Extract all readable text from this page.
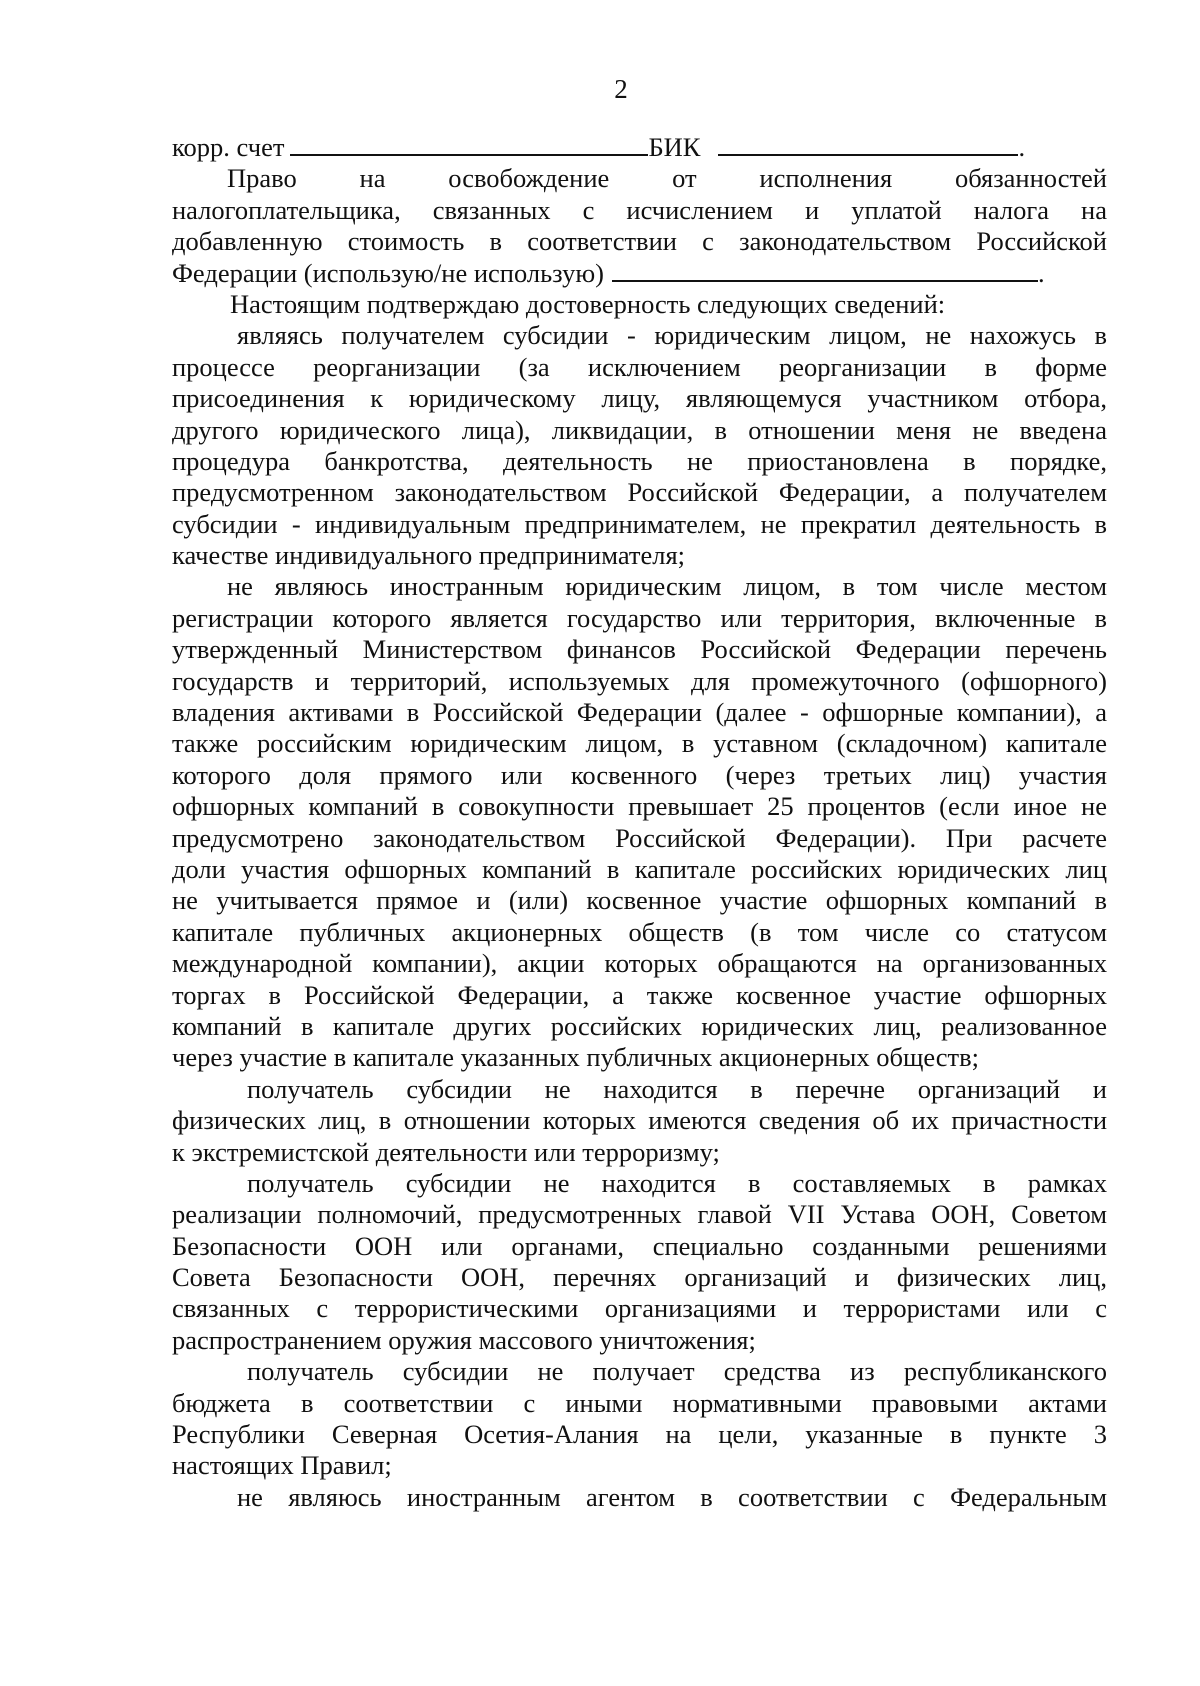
2
корр. счет	БИК	.
Право на освобождение от исполнения обязанностей
налогоплательщика, связанных с исчислением и уплатой налога на
добавленную стоимость в соответствии с законодательством Российской
Федерации (использую/не использую)	.
Настоящим подтверждаю достоверность следующих сведений:
являясь получателем субсидии - юридическим лицом, не нахожусь в
процессе реорганизации (за исключением реорганизации в форме
присоединения к юридическому лицу, являющемуся участником отбора,
другого юридического лица), ликвидации, в отношении меня не введена
процедура банкротства, деятельность не приостановлена в порядке,
предусмотренном законодательством Российской Федерации, а получателем
субсидии - индивидуальным предпринимателем, не прекратил деятельность в
качестве индивидуального предпринимателя;
не являюсь иностранным юридическим лицом, в том числе местом
регистрации которого является государство или территория, включенные в
утвержденный Министерством финансов Российской Федерации перечень
государств и территорий, используемых для промежуточного (офшорного)
владения активами в Российской Федерации (далее - офшорные компании), а
также российским юридическим лицом, в уставном (складочном) капитале
которого доля прямого или косвенного (через третьих лиц) участия
офшорных компаний в совокупности превышает 25 процентов (если иное не
предусмотрено законодательством Российской Федерации). При расчете
доли участия офшорных компаний в капитале российских юридических лиц
не учитывается прямое и (или) косвенное участие офшорных компаний в
капитале публичных акционерных обществ (в том числе со статусом
международной компании), акции которых обращаются на организованных
торгах в Российской Федерации, а также косвенное участие офшорных
компаний в капитале других российских юридических лиц, реализованное
через участие в капитале указанных публичных акционерных обществ;
получатель субсидии не находится в перечне организаций и
физических лиц, в отношении которых имеются сведения об их причастности
к экстремистской деятельности или терроризму;
получатель субсидии не находится в составляемых в рамках
реализации полномочий, предусмотренных главой VII Устава ООН, Советом
Безопасности ООН или органами, специально созданными решениями
Совета Безопасности ООН, перечнях организаций и физических лиц,
связанных с террористическими организациями и террористами или с
распространением оружия массового уничтожения;
получатель субсидии не получает средства из республиканского
бюджета в соответствии с иными нормативными правовыми актами
Республики Северная Осетия-Алания на цели, указанные в пункте 3
настоящих Правил;
не являюсь иностранным агентом в соответствии с Федеральным
